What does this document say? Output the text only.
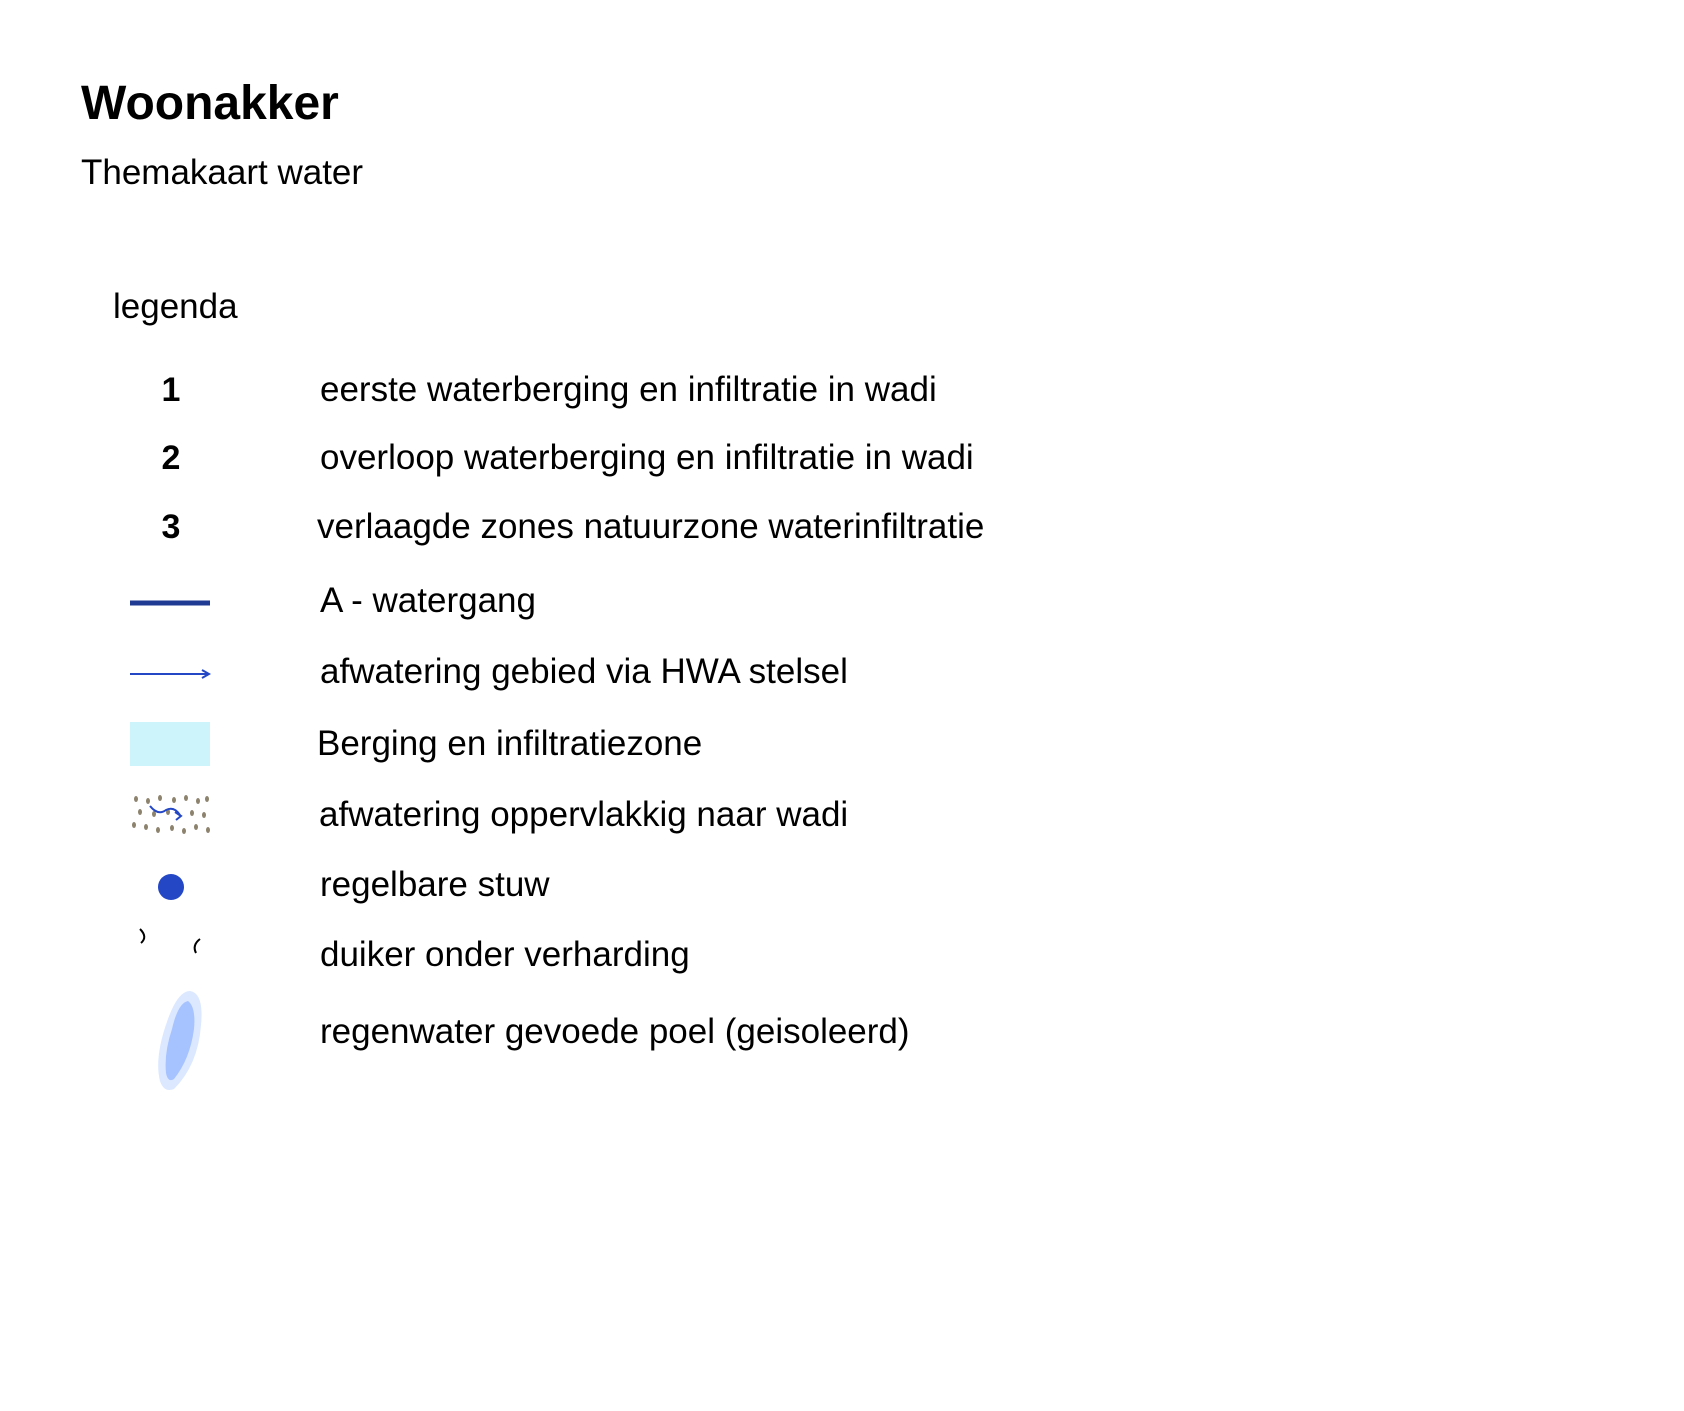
Woonakker
Themakaart water
legenda
1	eerste waterberging en infiltratie in wadi
2	overloop waterberging en infiltratie in wadi
3	verlaagde zones natuurzone waterinfiltratie
A - watergang
afwatering gebied via HWA stelsel
Berging en infiltratiezone
afwatering oppervlakkig naar wadi
regelbare stuw
duiker onder verharding
regenwater gevoede poel (geisoleerd)
